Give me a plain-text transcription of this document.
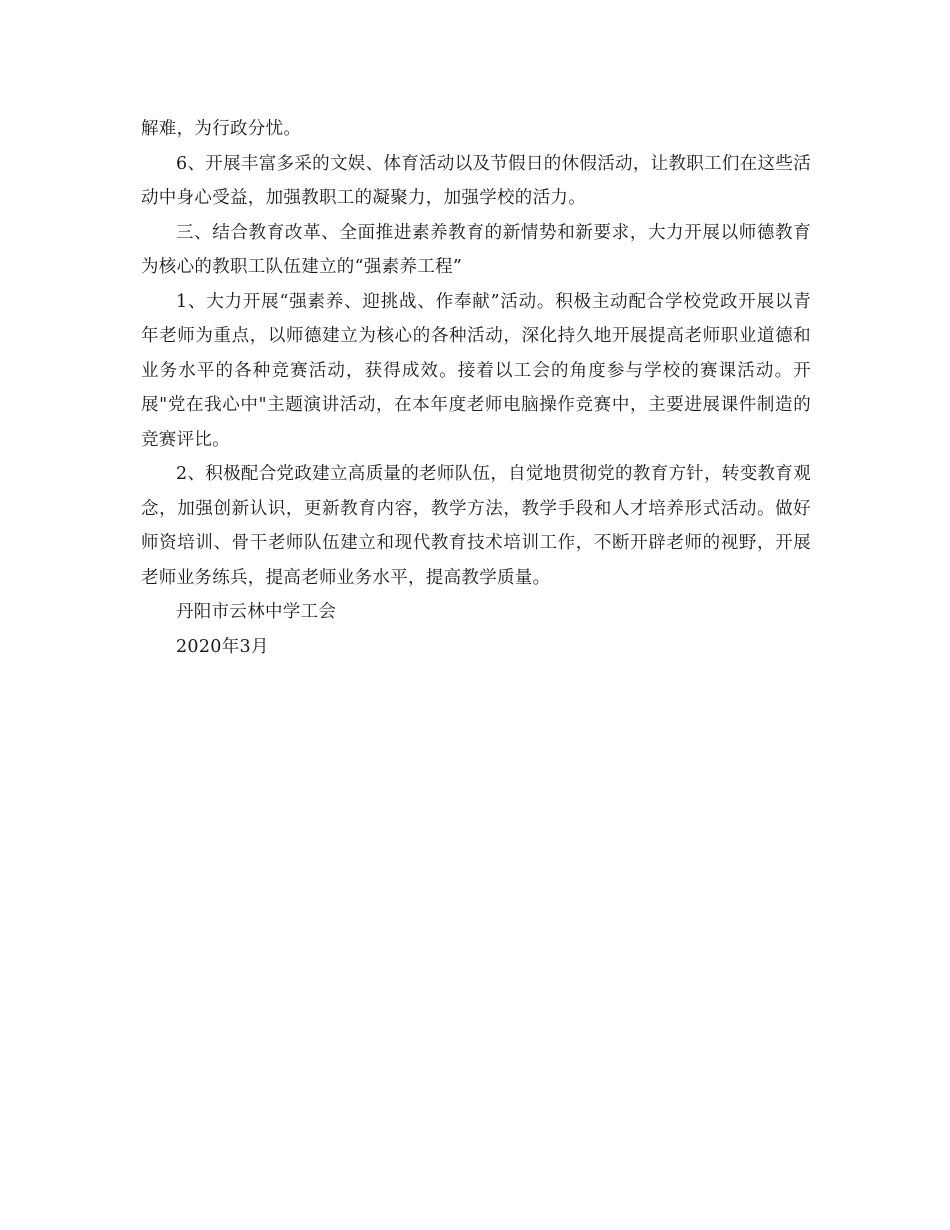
解难，为行政分忧。

6、开展丰富多采的文娱、体育活动以及节假日的休假活动，让教职工们在这些活动中身心受益，加强教职工的凝聚力，加强学校的活力。

三、结合教育改革、全面推进素养教育的新情势和新要求，大力开展以师德教育为核心的教职工队伍建立的“强素养工程”

1、大力开展“强素养、迎挑战、作奉献”活动。积极主动配合学校党政开展以青年老师为重点，以师德建立为核心的各种活动，深化持久地开展提高老师职业道德和业务水平的各种竞赛活动，获得成效。接着以工会的角度参与学校的赛课活动。开展"党在我心中"主题演讲活动，在本年度老师电脑操作竞赛中，主要进展课件制造的竞赛评比。

2、积极配合党政建立高质量的老师队伍，自觉地贯彻党的教育方针，转变教育观念，加强创新认识，更新教育内容，教学方法，教学手段和人才培养形式活动。做好师资培训、骨干老师队伍建立和现代教育技术培训工作，不断开辟老师的视野，开展老师业务练兵，提高老师业务水平，提高教学质量。

丹阳市云林中学工会

2020年3月
